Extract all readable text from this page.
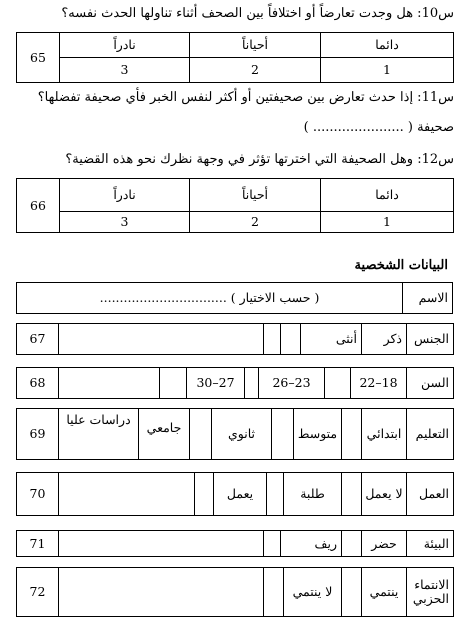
س10: هل وجدت تعارضاً أو اختلافاً بين الصحف أثناء تناولها الحدث نفسه؟
دائما	أحياناً	نادراً	65
1	2	3	
س11: إذا حدث تعارض بين صحيفتين أو أكثر لنفس الخبر فأي صحيفة تفضلها؟
صحيفة ( ...................... )
س12: وهل الصحيفة التي اخترتها تؤثر في وجهة نظرك نحو هذه القضية؟
دائما	أحياناً	نادراً	66
1	2	3	
البيانات الشخصية
الاسم	( حسب الاختيار ) ................................
الجنس	ذكر	أنثى				67
السن	18–22		23–26		27–30			68
التعليم	ابتدائي		متوسط		ثانوي		جامعي	دراسات عليا	69
العمل	لا يعمل		طلبة		يعمل			70
البيئة	حضر		ريف			71
الانتماء الحزبي	ينتمي		لا ينتمي			72
